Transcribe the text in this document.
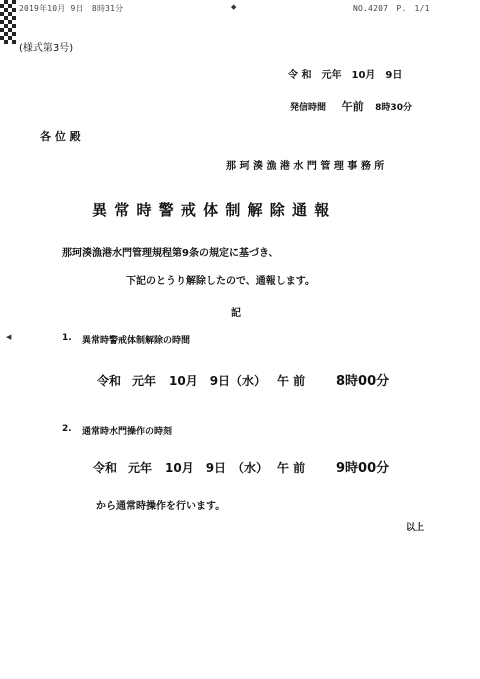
◆
◀
2019年10月 9日　8時31分	NO.4207　P.　1/1
(様式第3号)
令 和　元年　10月　9日
発信時間 午前 8時30分
各 位 殿
那 珂 湊 漁 港 水 門 管 理 事 務 所
異 常 時 警 戒 体 制 解 除 通 報
那珂湊漁港水門管理規程第9条の規定に基づき、
下記のとうり解除したので、通報します。
記
1. 異常時警戒体制解除の時間
令和 元年 10月　9日（水） 午 前 8時00分
2. 通常時水門操作の時刻
令和 元年 10月　9日　（水） 午 前 9時00分
から通常時操作を行います。
以上
